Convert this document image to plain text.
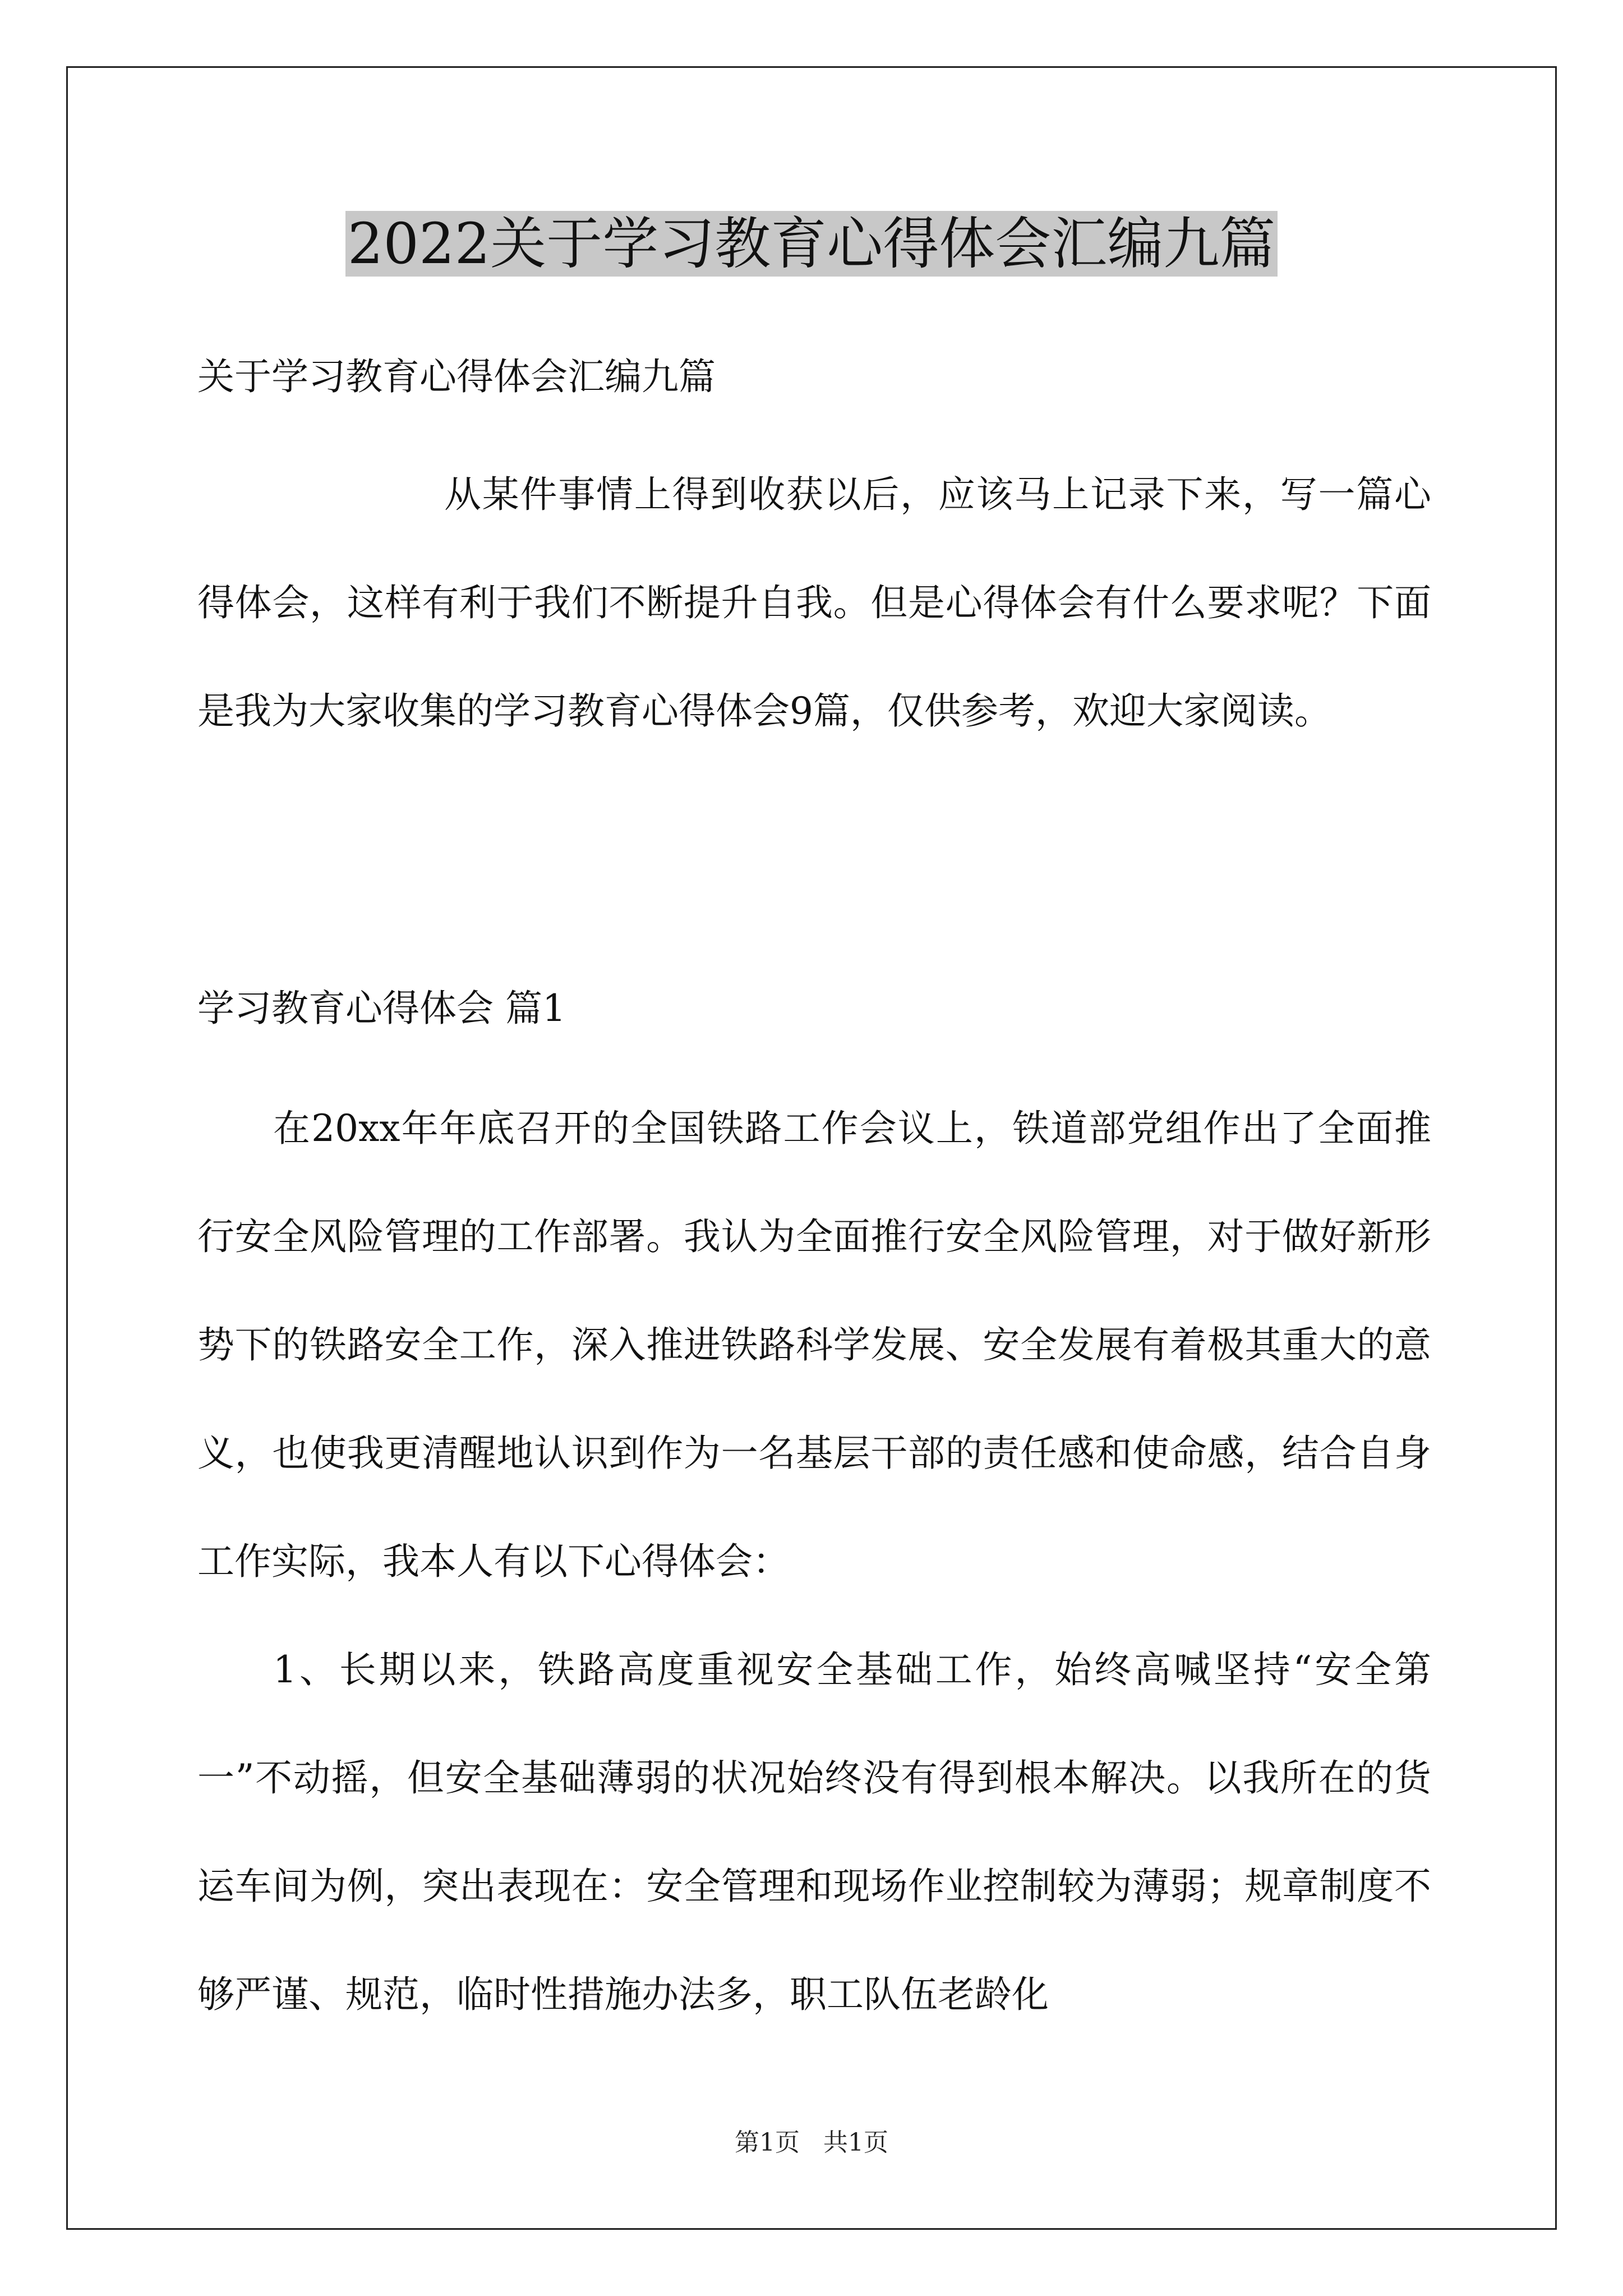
2022关于学习教育心得体会汇编九篇

关于学习教育心得体会汇编九篇

从某件事情上得到收获以后，应该马上记录下来，写一篇心得体会，这样有利于我们不断提升自我。但是心得体会有什么要求呢？下面是我为大家收集的学习教育心得体会9篇，仅供参考，欢迎大家阅读。

学习教育心得体会 篇1

在20xx年年底召开的全国铁路工作会议上，铁道部党组作出了全面推行安全风险管理的工作部署。我认为全面推行安全风险管理，对于做好新形势下的铁路安全工作，深入推进铁路科学发展、安全发展有着极其重大的意义，也使我更清醒地认识到作为一名基层干部的责任感和使命感，结合自身工作实际，我本人有以下心得体会：

1、长期以来，铁路高度重视安全基础工作，始终高喊坚持“安全第一”不动摇，但安全基础薄弱的状况始终没有得到根本解决。以我所在的货运车间为例，突出表现在：安全管理和现场作业控制较为薄弱；规章制度不够严谨、规范，临时性措施办法多，职工队伍老龄化

第1页   共1页
